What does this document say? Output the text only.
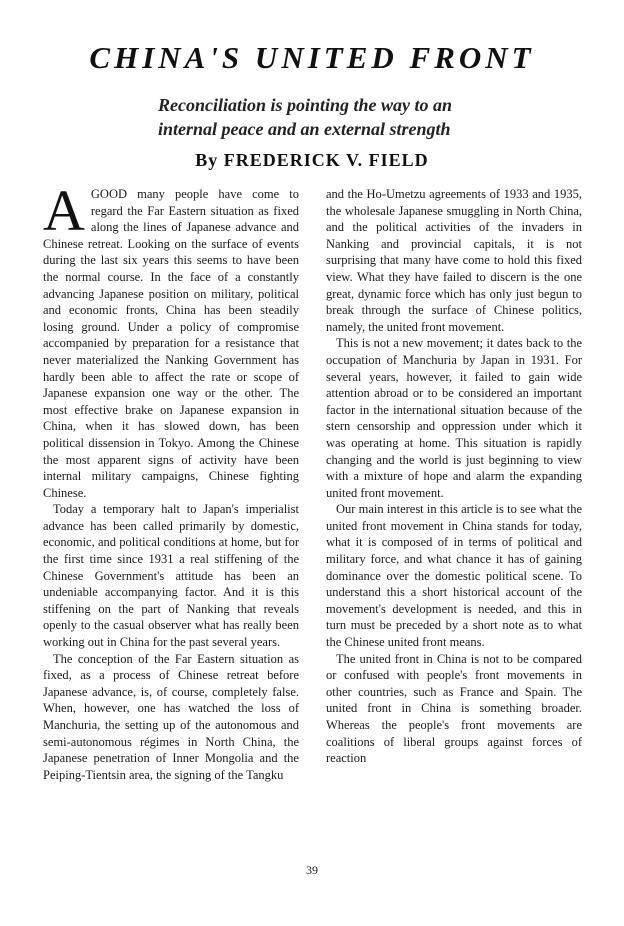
CHINA'S UNITED FRONT
Reconciliation is pointing the way to an
internal peace and an external strength
By FREDERICK V. FIELD

AGOOD many people have come to regard the Far Eastern situation as fixed along the lines of Japanese advance and Chinese retreat. Looking on the surface of events during the last six years this seems to have been the normal course. In the face of a constantly advancing Japanese position on military, political and economic fronts, China has been steadily losing ground. Under a policy of compromise accompanied by preparation for a resistance that never materialized the Nanking Government has hardly been able to affect the rate or scope of Japanese expansion one way or the other. The most effective brake on Japanese expansion in China, when it has slowed down, has been political dissension in Tokyo. Among the Chinese the most apparent signs of activity have been internal military campaigns, Chinese fighting Chinese.

Today a temporary halt to Japan's imperialist advance has been called primarily by domestic, economic, and political conditions at home, but for the first time since 1931 a real stiffening of the Chinese Government's attitude has been an undeniable accompanying factor. And it is this stiffening on the part of Nanking that reveals openly to the casual observer what has really been working out in China for the past several years.

The conception of the Far Eastern situation as fixed, as a process of Chinese retreat before Japanese advance, is, of course, completely false. When, however, one has watched the loss of Manchuria, the setting up of the autonomous and semi-autonomous régimes in North China, the Japanese penetration of Inner Mongolia and the Peiping-Tientsin area, the signing of the Tangku

and the Ho-Umetzu agreements of 1933 and 1935, the wholesale Japanese smuggling in North China, and the political activities of the invaders in Nanking and provincial capitals, it is not surprising that many have come to hold this fixed view. What they have failed to discern is the one great, dynamic force which has only just begun to break through the surface of Chinese politics, namely, the united front movement.

This is not a new movement; it dates back to the occupation of Manchuria by Japan in 1931. For several years, however, it failed to gain wide attention abroad or to be considered an important factor in the international situation because of the stern censorship and oppression under which it was operating at home. This situation is rapidly changing and the world is just beginning to view with a mixture of hope and alarm the expanding united front movement.

Our main interest in this article is to see what the united front movement in China stands for today, what it is composed of in terms of political and military force, and what chance it has of gaining dominance over the domestic political scene. To understand this a short historical account of the movement's development is needed, and this in turn must be preceded by a short note as to what the Chinese united front means.

The united front in China is not to be compared or confused with people's front movements in other countries, such as France and Spain. The united front in China is something broader. Whereas the people's front movements are coalitions of liberal groups against forces of reaction

39
